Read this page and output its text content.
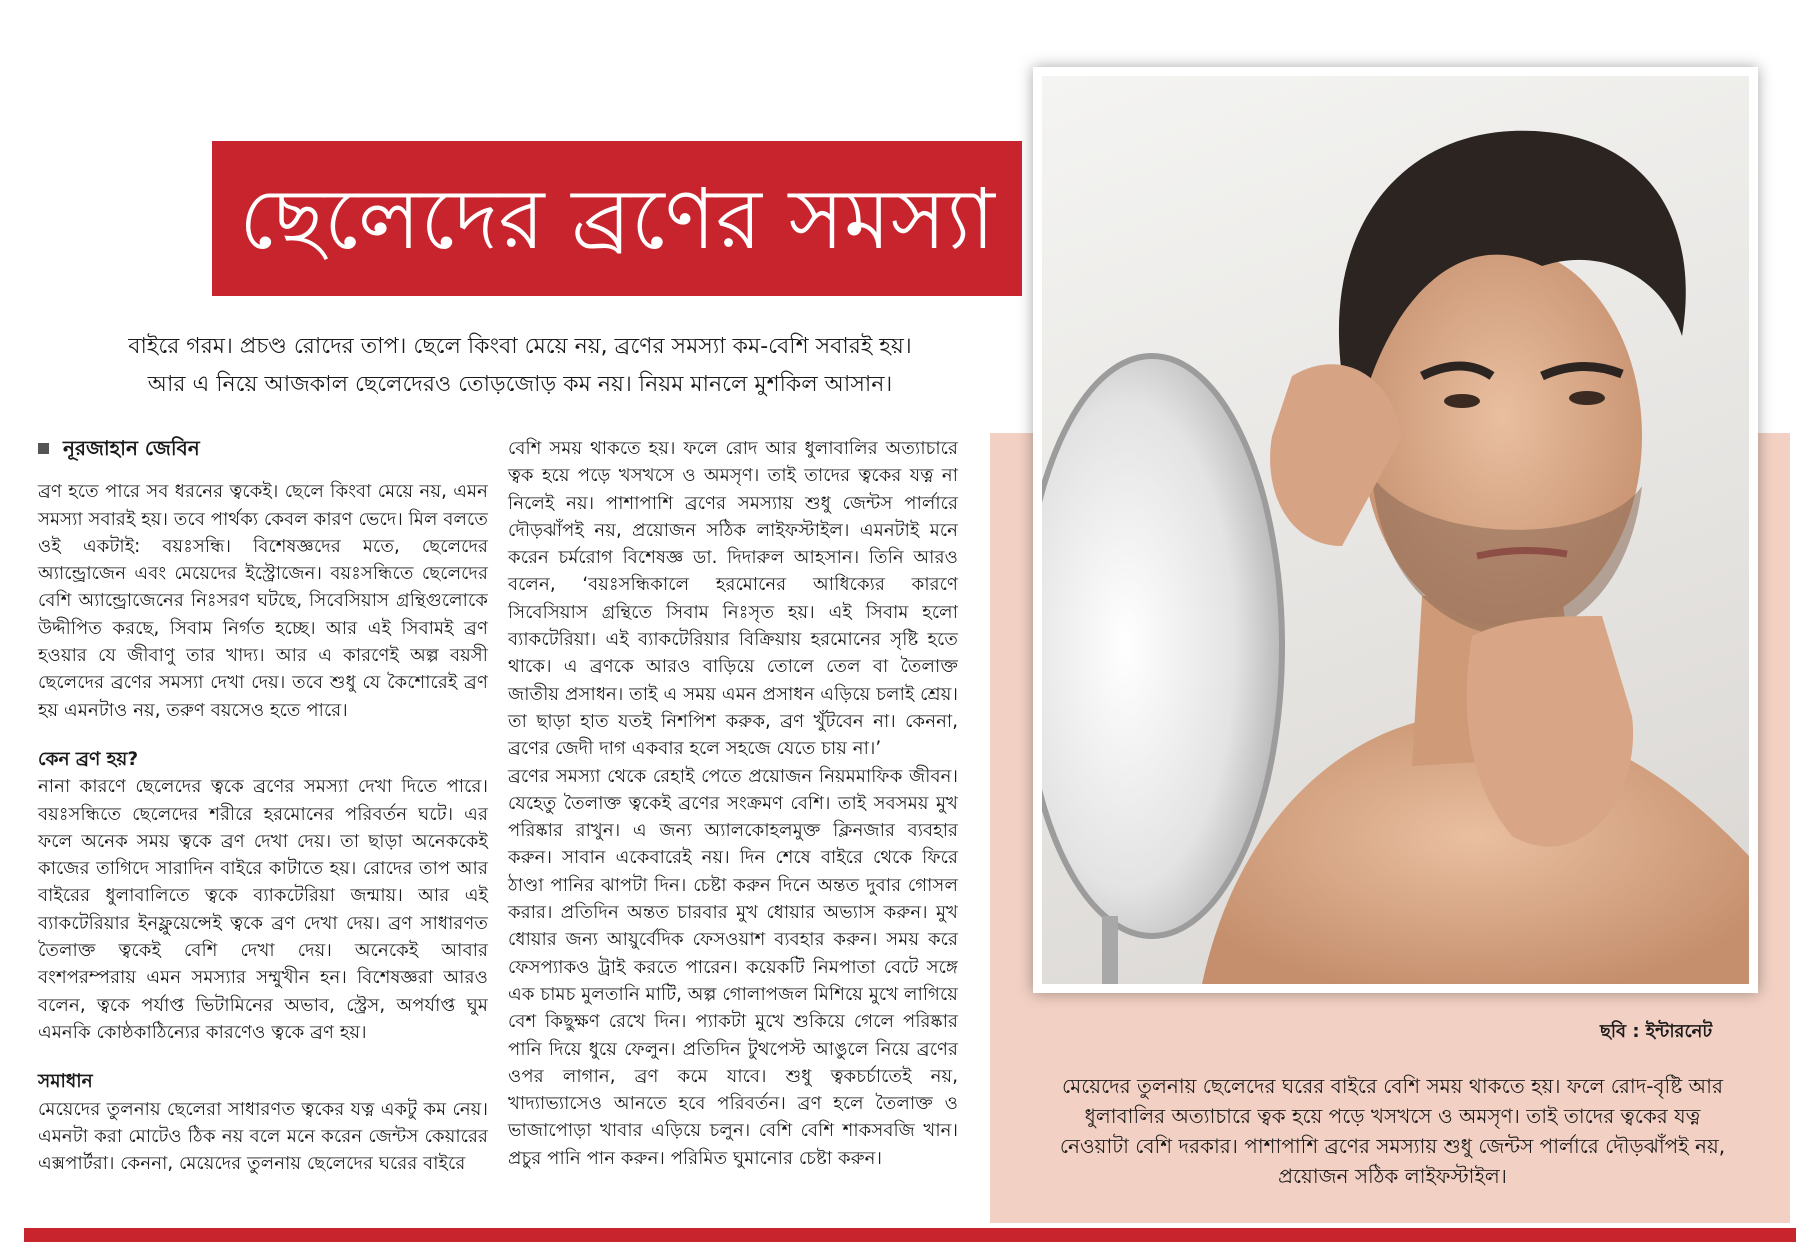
ছেলেদের ব্রণের সমস্যা
বাইরে গরম। প্রচণ্ড রোদের তাপ। ছেলে কিংবা মেয়ে নয়, ব্রণের সমস্যা কম-বেশি সবারই হয়।
আর এ নিয়ে আজকাল ছেলেদেরও তোড়জোড় কম নয়। নিয়ম মানলে মুশকিল আসান।
নূরজাহান জেবিন

ব্রণ হতে পারে সব ধরনের ত্বকেই। ছেলে কিংবা মেয়ে নয়, এমন সমস্যা সবারই হয়। তবে পার্থক্য কেবল কারণ ভেদে। মিল বলতে ওই একটাই: বয়ঃসন্ধি। বিশেষজ্ঞদের মতে, ছেলেদের অ্যান্ড্রোজেন এবং মেয়েদের ইস্ট্রোজেন। বয়ঃসন্ধিতে ছেলেদের বেশি অ্যান্ড্রোজেনের নিঃসরণ ঘটছে, সিবেসিয়াস গ্রন্থিগুলোকে উদ্দীপিত করছে, সিবাম নির্গত হচ্ছে। আর এই সিবামই ব্রণ হওয়ার যে জীবাণু তার খাদ্য। আর এ কারণেই অল্প বয়সী ছেলেদের ব্রণের সমস্যা দেখা দেয়। তবে শুধু যে কৈশোরেই ব্রণ হয় এমনটাও নয়, তরুণ বয়সেও হতে পারে।

কেন ব্রণ হয়?

নানা কারণে ছেলেদের ত্বকে ব্রণের সমস্যা দেখা দিতে পারে। বয়ঃসন্ধিতে ছেলেদের শরীরে হরমোনের পরিবর্তন ঘটে। এর ফলে অনেক সময় ত্বকে ব্রণ দেখা দেয়। তা ছাড়া অনেককেই কাজের তাগিদে সারাদিন বাইরে কাটাতে হয়। রোদের তাপ আর বাইরের ধুলাবালিতে ত্বকে ব্যাকটেরিয়া জন্মায়। আর এই ব্যাকটেরিয়ার ইনফ্লুয়েন্সেই ত্বকে ব্রণ দেখা দেয়। ব্রণ সাধারণত তৈলাক্ত ত্বকেই বেশি দেখা দেয়। অনেকেই আবার বংশপরম্পরায় এমন সমস্যার সম্মুখীন হন। বিশেষজ্ঞরা আরও বলেন, ত্বকে পর্যাপ্ত ভিটামিনের অভাব, স্ট্রেস, অপর্যাপ্ত ঘুম এমনকি কোষ্ঠকাঠিন্যের কারণেও ত্বকে ব্রণ হয়।

সমাধান

মেয়েদের তুলনায় ছেলেরা সাধারণত ত্বকের যত্ন একটু কম নেয়। এমনটা করা মোটেও ঠিক নয় বলে মনে করেন জেন্টস কেয়ারের এক্সপার্টরা। কেননা, মেয়েদের তুলনায় ছেলেদের ঘরের বাইরে

বেশি সময় থাকতে হয়। ফলে রোদ আর ধুলাবালির অত্যাচারে ত্বক হয়ে পড়ে খসখসে ও অমসৃণ। তাই তাদের ত্বকের যত্ন না নিলেই নয়। পাশাপাশি ব্রণের সমস্যায় শুধু জেন্টস পার্লারে দৌড়ঝাঁপই নয়, প্রয়োজন সঠিক লাইফস্টাইল। এমনটাই মনে করেন চর্মরোগ বিশেষজ্ঞ ডা. দিদারুল আহসান। তিনি আরও বলেন, ‘বয়ঃসন্ধিকালে হরমোনের আধিক্যের কারণে সিবেসিয়াস গ্রন্থিতে সিবাম নিঃসৃত হয়। এই সিবাম হলো ব্যাকটেরিয়া। এই ব্যাকটেরিয়ার বিক্রিয়ায় হরমোনের সৃষ্টি হতে থাকে। এ ব্রণকে আরও বাড়িয়ে তোলে তেল বা তৈলাক্ত জাতীয় প্রসাধন। তাই এ সময় এমন প্রসাধন এড়িয়ে চলাই শ্রেয়। তা ছাড়া হাত যতই নিশপিশ করুক, ব্রণ খুঁটবেন না। কেননা, ব্রণের জেদী দাগ একবার হলে সহজে যেতে চায় না।’

ব্রণের সমস্যা থেকে রেহাই পেতে প্রয়োজন নিয়মমাফিক জীবন। যেহেতু তৈলাক্ত ত্বকেই ব্রণের সংক্রমণ বেশি। তাই সবসময় মুখ পরিষ্কার রাখুন। এ জন্য অ্যালকোহলমুক্ত ক্লিনজার ব্যবহার করুন। সাবান একেবারেই নয়। দিন শেষে বাইরে থেকে ফিরে ঠাণ্ডা পানির ঝাপটা দিন। চেষ্টা করুন দিনে অন্তত দুবার গোসল করার। প্রতিদিন অন্তত চারবার মুখ ধোয়ার অভ্যাস করুন। মুখ ধোয়ার জন্য আয়ুর্বেদিক ফেসওয়াশ ব্যবহার করুন। সময় করে ফেসপ্যাকও ট্রাই করতে পারেন। কয়েকটি নিমপাতা বেটে সঙ্গে এক চামচ মুলতানি মাটি, অল্প গোলাপজল মিশিয়ে মুখে লাগিয়ে বেশ কিছুক্ষণ রেখে দিন। প্যাকটা মুখে শুকিয়ে গেলে পরিষ্কার পানি দিয়ে ধুয়ে ফেলুন। প্রতিদিন টুথপেস্ট আঙুলে নিয়ে ব্রণের ওপর লাগান, ব্রণ কমে যাবে। শুধু ত্বকচর্চাতেই নয়, খাদ্যাভ্যাসেও আনতে হবে পরিবর্তন। ব্রণ হলে তৈলাক্ত ও ভাজাপোড়া খাবার এড়িয়ে চলুন। বেশি বেশি শাকসবজি খান। প্রচুর পানি পান করুন। পরিমিত ঘুমানোর চেষ্টা করুন।

ছবি : ইন্টারনেট
মেয়েদের তুলনায় ছেলেদের ঘরের বাইরে বেশি সময় থাকতে হয়। ফলে রোদ-বৃষ্টি আর ধুলাবালির অত্যাচারে ত্বক হয়ে পড়ে খসখসে ও অমসৃণ। তাই তাদের ত্বকের যত্ন নেওয়াটা বেশি দরকার। পাশাপাশি ব্রণের সমস্যায় শুধু জেন্টস পার্লারে দৌড়ঝাঁপই নয়, প্রয়োজন সঠিক লাইফস্টাইল।
